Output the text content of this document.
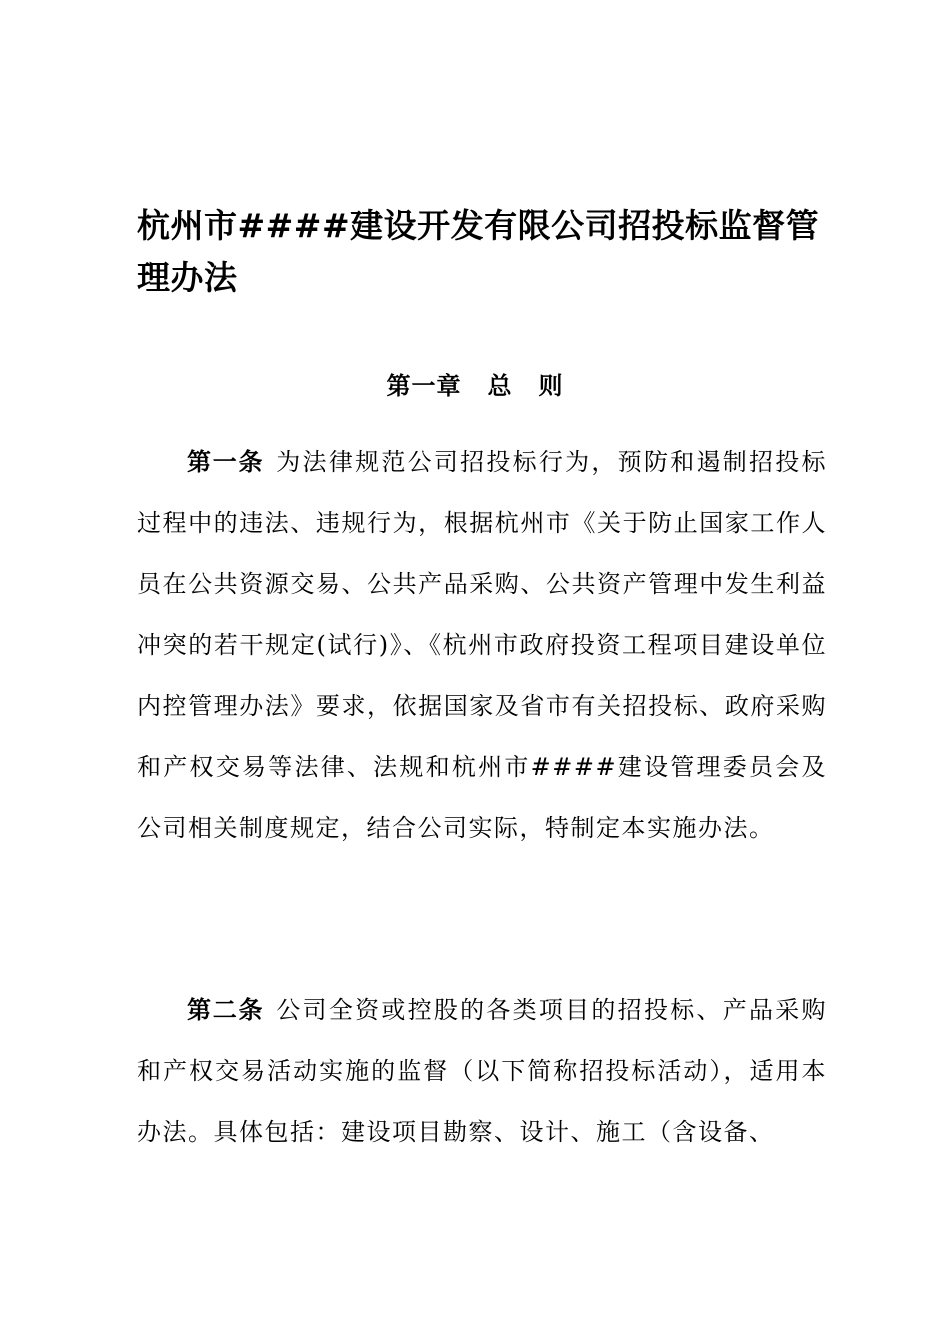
杭州市####建设开发有限公司招投标监督管理办法
第一章 总 则

第一条 为法律规范公司招投标行为，预防和遏制招投标过程中的违法、违规行为，根据杭州市《关于防止国家工作人员在公共资源交易、公共产品采购、公共资产管理中发生利益冲突的若干规定(试行)》、《杭州市政府投资工程项目建设单位内控管理办法》要求，依据国家及省市有关招投标、政府采购和产权交易等法律、法规和杭州市####建设管理委员会及公司相关制度规定，结合公司实际，特制定本实施办法。

第二条 公司全资或控股的各类项目的招投标、产品采购和产权交易活动实施的监督（以下简称招投标活动），适用本办法。具体包括：建设项目勘察、设计、施工（含设备、
